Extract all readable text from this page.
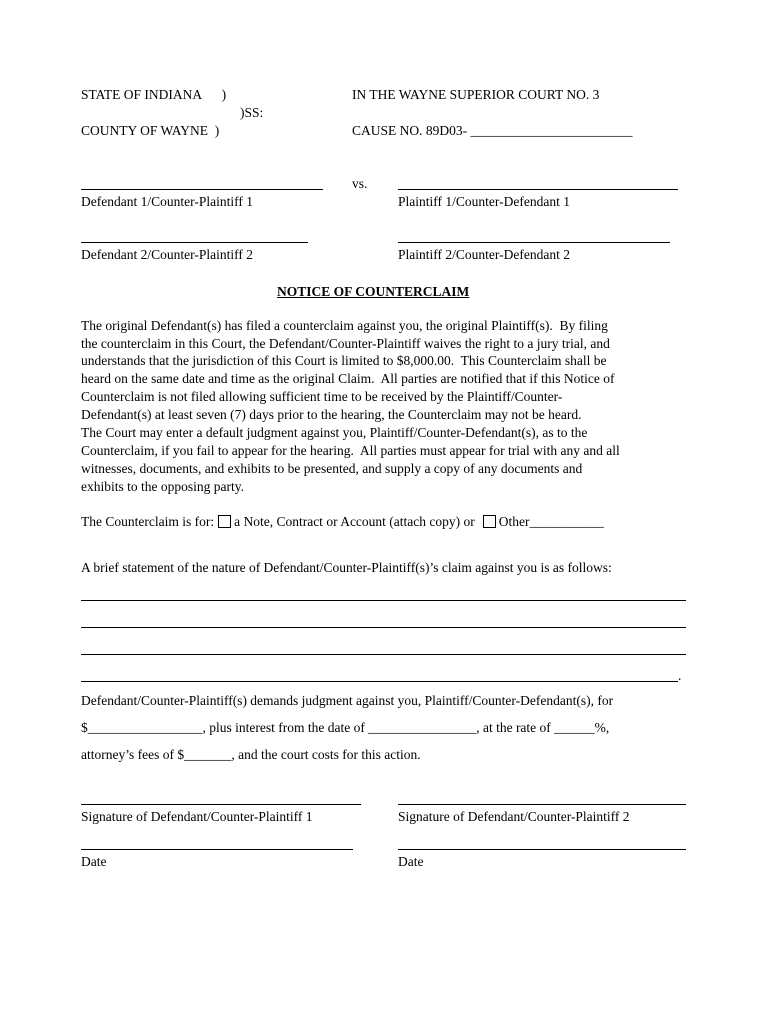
STATE OF INDIANA      )
)SS:
COUNTY OF WAYNE  )
IN THE WAYNE SUPERIOR COURT NO. 3
CAUSE NO. 89D03- ________________________
vs.
Defendant 1/Counter-Plaintiff 1	Plaintiff 1/Counter-Defendant 1
Defendant 2/Counter-Plaintiff 2	Plaintiff 2/Counter-Defendant 2
NOTICE OF COUNTERCLAIM
The original Defendant(s) has filed a counterclaim against you, the original Plaintiff(s).  By filing
the counterclaim in this Court, the Defendant/Counter-Plaintiff waives the right to a jury trial, and
understands that the jurisdiction of this Court is limited to $8,000.00.  This Counterclaim shall be
heard on the same date and time as the original Claim.  All parties are notified that if this Notice of
Counterclaim is not filed allowing sufficient time to be received by the Plaintiff/Counter-
Defendant(s) at least seven (7) days prior to the hearing, the Counterclaim may not be heard.
The Court may enter a default judgment against you, Plaintiff/Counter-Defendant(s), as to the
Counterclaim, if you fail to appear for the hearing.  All parties must appear for trial with any and all
witnesses, documents, and exhibits to be presented, and supply a copy of any documents and
exhibits to the opposing party.
The Counterclaim is for: a Note, Contract or Account (attach copy) or Other___________
A brief statement of the nature of Defendant/Counter-Plaintiff(s)’s claim against you is as follows:
.
Defendant/Counter-Plaintiff(s) demands judgment against you, Plaintiff/Counter-Defendant(s), for
$_________________, plus interest from the date of ________________, at the rate of ______%,
attorney’s fees of $_______, and the court costs for this action.
Signature of Defendant/Counter-Plaintiff 1	Signature of Defendant/Counter-Plaintiff 2
Date	Date
